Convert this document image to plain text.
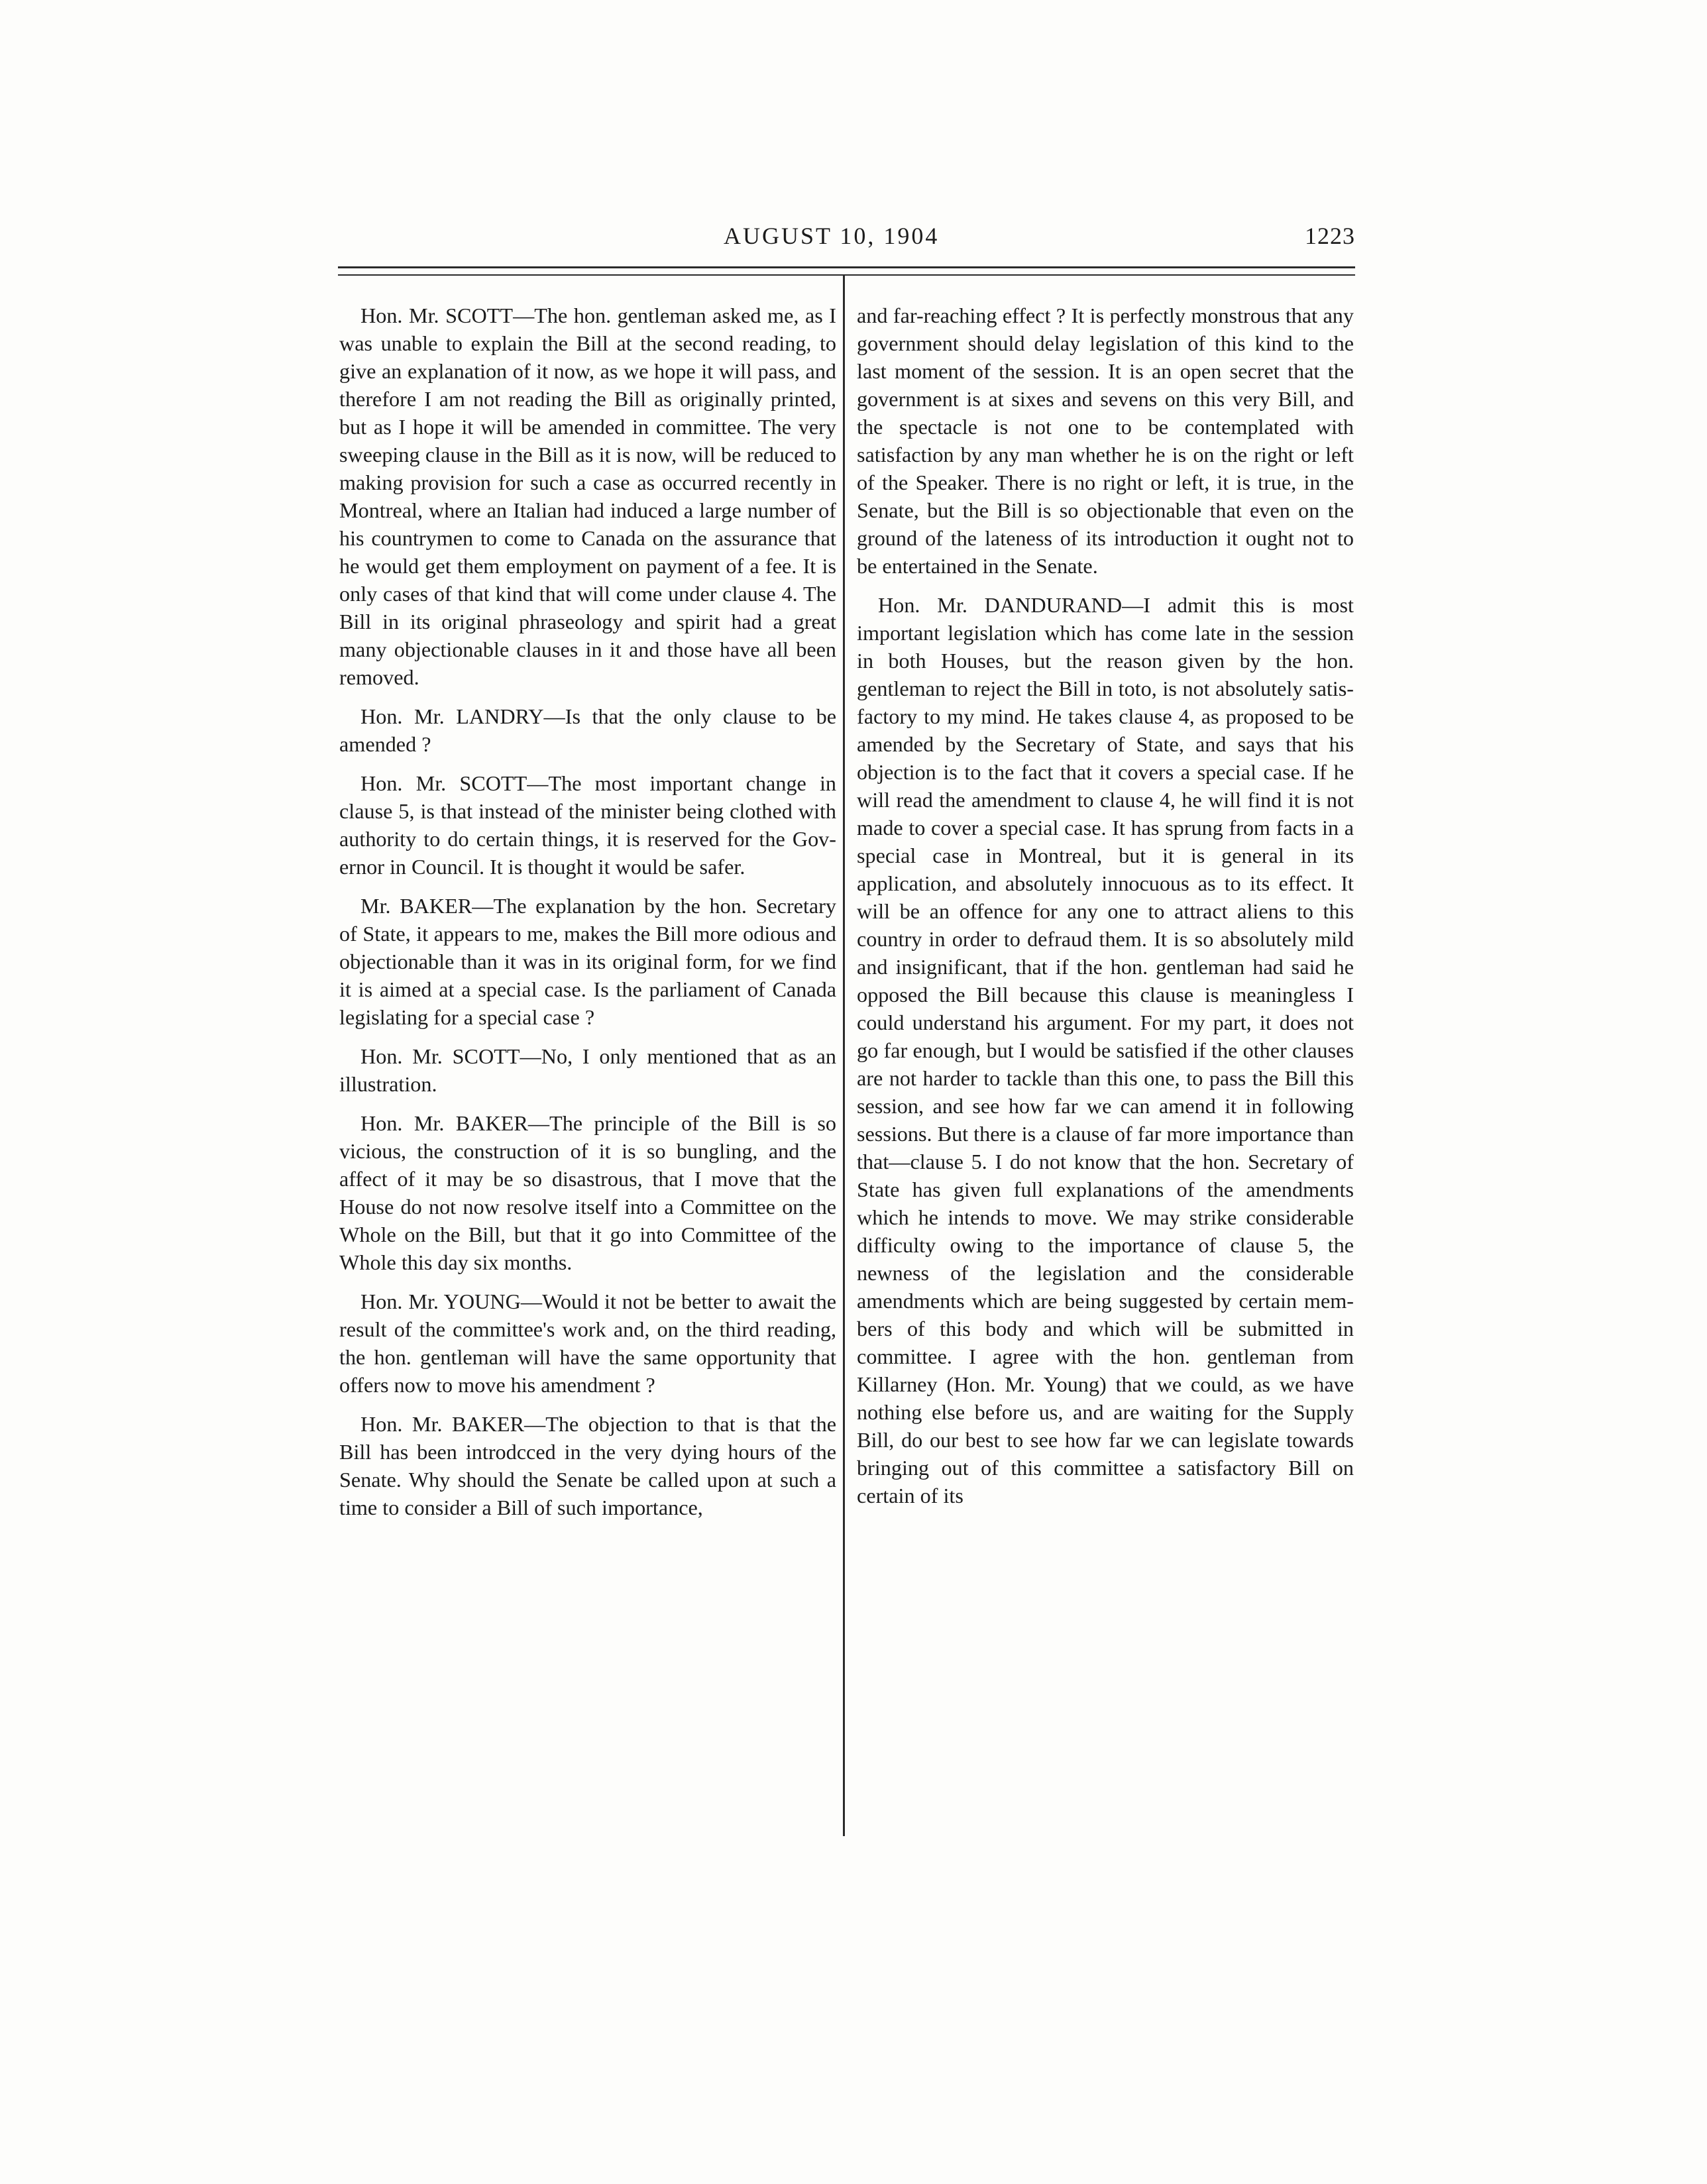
AUGUST 10, 1904	1223

Hon. Mr. SCOTT—The hon. gentleman asked me, as I was unable to explain the Bill at the second reading, to give an explanation of it now, as we hope it will pass, and therefore I am not reading the Bill as originally printed, but as I hope it will be amended in committee. The very sweeping clause in the Bill as it is now, will be reduced to making provision for such a case as occurred recently in Montreal, where an Italian had induced a large number of his countrymen to come to Canada on the assurance that he would get them employment on payment of a fee. It is only cases of that kind that will come under clause 4. The Bill in its original phraseology and spirit had a great many objectionable clauses in it and those have all been removed.

Hon. Mr. LANDRY—Is that the only clause to be amended ?

Hon. Mr. SCOTT—The most important change in clause 5, is that instead of the minister being clothed with authority to do certain things, it is reserved for the Governor in Council. It is thought it would be safer.

Mr. BAKER—The explanation by the hon. Secretary of State, it appears to me, makes the Bill more odious and objectionable than it was in its original form, for we find it is aimed at a special case. Is the parliament of Canada legislating for a special case ?

Hon. Mr. SCOTT—No, I only mentioned that as an illustration.

Hon. Mr. BAKER—The principle of the Bill is so vicious, the construction of it is so bungling, and the affect of it may be so disastrous, that I move that the House do not now resolve itself into a Committee on the Whole on the Bill, but that it go into Committee of the Whole this day six months.

Hon. Mr. YOUNG—Would it not be better to await the result of the committee's work and, on the third reading, the hon. gentleman will have the same opportunity that offers now to move his amendment ?

Hon. Mr. BAKER—The objection to that is that the Bill has been introdcced in the very dying hours of the Senate. Why should the Senate be called upon at such a time to consider a Bill of such importance,

and far-reaching effect ? It is perfectly monstrous that any government should delay legislation of this kind to the last moment of the session. It is an open secret that the government is at sixes and sevens on this very Bill, and the spectacle is not one to be contemplated with satisfaction by any man whether he is on the right or left of the Speaker. There is no right or left, it is true, in the Senate, but the Bill is so objectionable that even on the ground of the lateness of its introduction it ought not to be entertained in the Senate.

Hon. Mr. DANDURAND—I admit this is most important legislation which has come late in the session in both Houses, but the reason given by the hon. gentleman to reject the Bill in toto, is not absolutely satisfactory to my mind. He takes clause 4, as proposed to be amended by the Secretary of State, and says that his objection is to the fact that it covers a special case. If he will read the amendment to clause 4, he will find it is not made to cover a special case. It has sprung from facts in a special case in Montreal, but it is general in its application, and absolutely innocuous as to its effect. It will be an offence for any one to attract aliens to this country in order to defraud them. It is so absolutely mild and insignificant, that if the hon. gentleman had said he opposed the Bill because this clause is meaningless I could understand his argument. For my part, it does not go far enough, but I would be satisfied if the other clauses are not harder to tackle than this one, to pass the Bill this session, and see how far we can amend it in following sessions. But there is a clause of far more importance than that—clause 5. I do not know that the hon. Secretary of State has given full explanations of the amendments which he intends to move. We may strike considerable difficulty owing to the importance of clause 5, the newness of the legislation and the considerable amendments which are being suggested by certain members of this body and which will be submitted in committee. I agree with the hon. gentleman from Killarney (Hon. Mr. Young) that we could, as we have nothing else before us, and are waiting for the Supply Bill, do our best to see how far we can legislate towards bringing out of this committee a satisfactory Bill on certain of its
